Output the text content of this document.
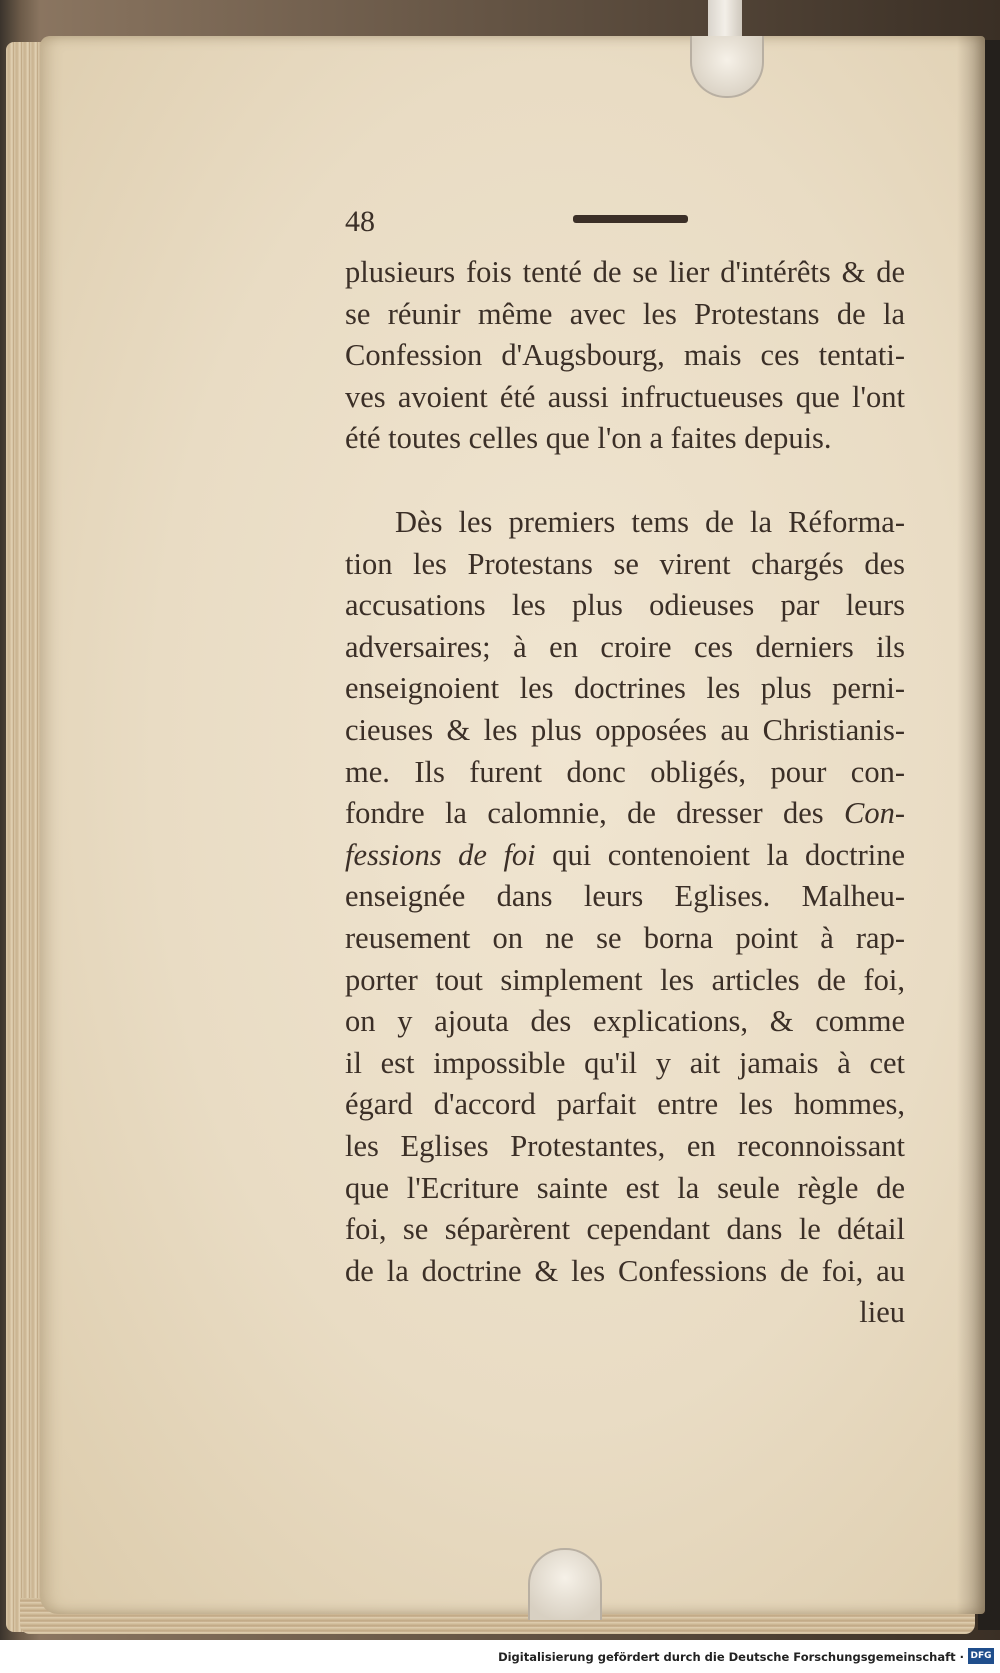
48
plusieurs fois tenté de se lier d'intérêts & de
se réunir même avec les Protestans de la
Confession d'Augsbourg, mais ces tentati-
ves avoient été aussi infructueuses que l'ont
été toutes celles que l'on a faites depuis.
Dès les premiers tems de la Réforma-
tion les Protestans se virent chargés des
accusations les plus odieuses par leurs
adversaires; à en croire ces derniers ils
enseignoient les doctrines les plus perni-
cieuses & les plus opposées au Christianis-
me. Ils furent donc obligés, pour con-
fondre la calomnie, de dresser des Con-
fessions de foi qui contenoient la doctrine
enseignée dans leurs Eglises. Malheu-
reusement on ne se borna point à rap-
porter tout simplement les articles de foi,
on y ajouta des explications, & comme
il est impossible qu'il y ait jamais à cet
égard d'accord parfait entre les hommes,
les Eglises Protestantes, en reconnoissant
que l'Ecriture sainte est la seule règle de
foi, se séparèrent cependant dans le détail
de la doctrine & les Confessions de foi, au
lieu
Digitalisierung gefördert durch die Deutsche Forschungsgemeinschaft · DFG
